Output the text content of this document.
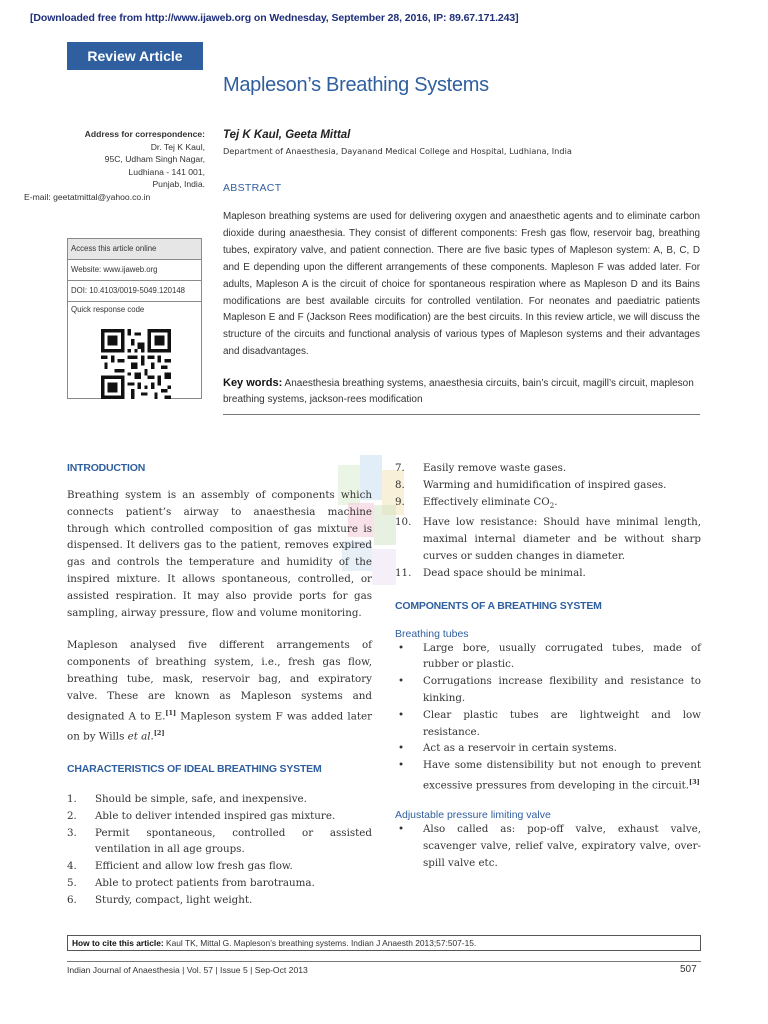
[Downloaded free from http://www.ijaweb.org on Wednesday, September 28, 2016, IP: 89.67.171.243]
Review Article
Mapleson’s Breathing Systems
Address for correspondence:
Dr. Tej K Kaul,
95C, Udham Singh Nagar,
Ludhiana - 141 001,
Punjab, India.
E-mail: geetatmittal@yahoo.co.in
Access this article online
Website: www.ijaweb.org
DOI: 10.4103/0019-5049.120148
Quick response code
Tej K Kaul, Geeta Mittal
Department of Anaesthesia, Dayanand Medical College and Hospital, Ludhiana, India
ABSTRACT
Mapleson breathing systems are used for delivering oxygen and anaesthetic agents and to eliminate carbon dioxide during anaesthesia. They consist of different components: Fresh gas flow, reservoir bag, breathing tubes, expiratory valve, and patient connection. There are five basic types of Mapleson system: A, B, C, D and E depending upon the different arrangements of these components. Mapleson F was added later. For adults, Mapleson A is the circuit of choice for spontaneous respiration where as Mapleson D and its Bains modifications are best available circuits for controlled ventilation. For neonates and paediatric patients Mapleson E and F (Jackson Rees modification) are the best circuits. In this review article, we will discuss the structure of the circuits and functional analysis of various types of Mapleson systems and their advantages and disadvantages.
Key words: Anaesthesia breathing systems, anaesthesia circuits, bain’s circuit, magill’s circuit, mapleson breathing systems, jackson-rees modification
INTRODUCTION
Breathing system is an assembly of components which connects patient’s airway to anaesthesia machine through which controlled composition of gas mixture is dispensed. It delivers gas to the patient, removes expired gas and controls the temperature and humidity of the inspired mixture. It allows spontaneous, controlled, or assisted respiration. It may also provide ports for gas sampling, airway pressure, flow and volume monitoring.
Mapleson analysed five different arrangements of components of breathing system, i.e., fresh gas flow, breathing tube, mask, reservoir bag, and expiratory valve. These are known as Mapleson systems and designated A to E.[1] Mapleson system F was added later on by Wills et al.[2]
CHARACTERISTICS OF IDEAL BREATHING SYSTEM
1. Should be simple, safe, and inexpensive.
2. Able to deliver intended inspired gas mixture.
3. Permit spontaneous, controlled or assisted ventilation in all age groups.
4. Efficient and allow low fresh gas flow.
5. Able to protect patients from barotrauma.
6. Sturdy, compact, light weight.
7. Easily remove waste gases.
8. Warming and humidification of inspired gases.
9. Effectively eliminate $CO_2$.
10. Have low resistance: Should have minimal length, maximal internal diameter and be without sharp curves or sudden changes in diameter.
11. Dead space should be minimal.
COMPONENTS OF A BREATHING SYSTEM
Breathing tubes
• Large bore, usually corrugated tubes, made of rubber or plastic.
• Corrugations increase flexibility and resistance to kinking.
• Clear plastic tubes are lightweight and low resistance.
• Act as a reservoir in certain systems.
• Have some distensibility but not enough to prevent excessive pressures from developing in the circuit.[3]
Adjustable pressure limiting valve
• Also called as: pop-off valve, exhaust valve, scavenger valve, relief valve, expiratory valve, over-spill valve etc.
How to cite this article: Kaul TK, Mittal G. Mapleson’s breathing systems. Indian J Anaesth 2013;57:507-15.
Indian Journal of Anaesthesia | Vol. 57 | Issue 5 | Sep-Oct 2013	507
